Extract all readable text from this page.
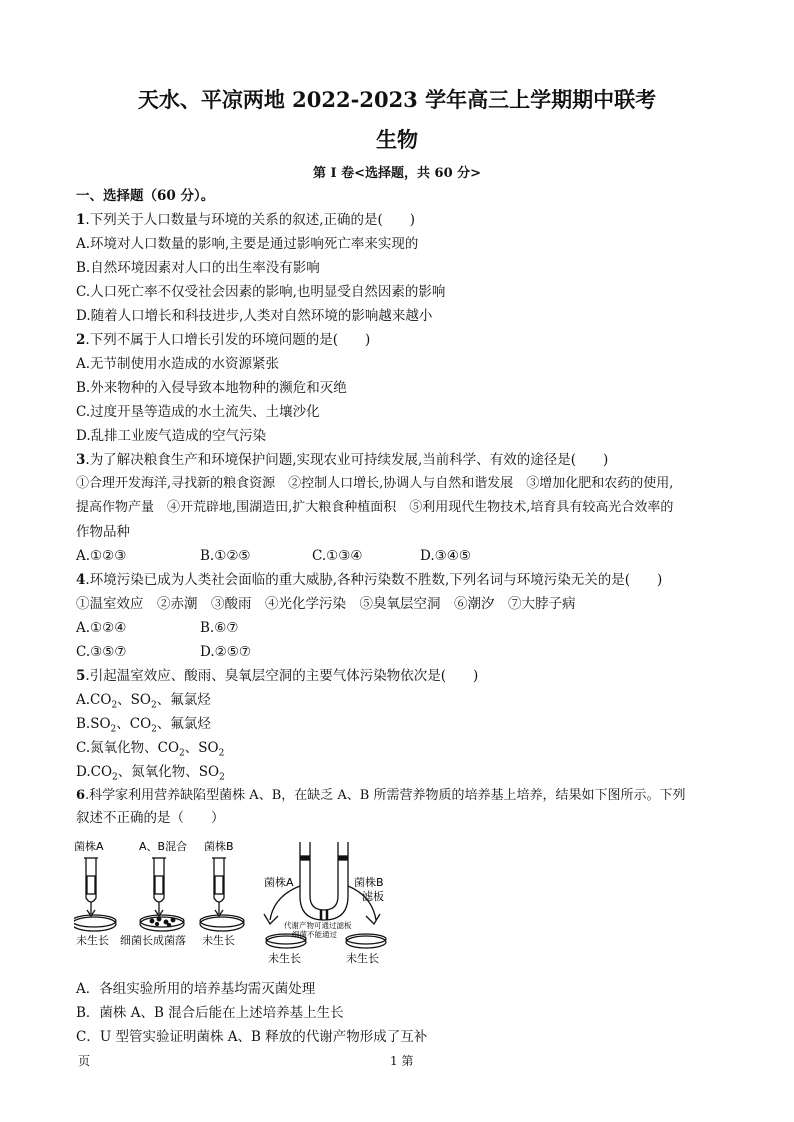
天水、平凉两地 2022-2023 学年高三上学期期中联考
生物
第 I 卷<选择题，共 60 分>
一、选择题（60 分）。
1.下列关于人口数量与环境的关系的叙述,正确的是(　　)
A.环境对人口数量的影响,主要是通过影响死亡率来实现的
B.自然环境因素对人口的出生率没有影响
C.人口死亡率不仅受社会因素的影响,也明显受自然因素的影响
D.随着人口增长和科技进步,人类对自然环境的影响越来越小
2.下列不属于人口增长引发的环境问题的是(　　)
A.无节制使用水造成的水资源紧张
B.外来物种的入侵导致本地物种的濒危和灭绝
C.过度开垦等造成的水土流失、土壤沙化
D.乱排工业废气造成的空气污染
3.为了解决粮食生产和环境保护问题,实现农业可持续发展,当前科学、有效的途径是(　　)
①合理开发海洋,寻找新的粮食资源　②控制人口增长,协调人与自然和谐发展　③增加化肥和农药的使用,
提高作物产量　④开荒辟地,围湖造田,扩大粮食种植面积　⑤利用现代生物技术,培育具有较高光合效率的
作物品种
A.①②③	B.①②⑤	C.①③④	D.③④⑤
4.环境污染已成为人类社会面临的重大威胁,各种污染数不胜数,下列名词与环境污染无关的是(　　)
①温室效应　②赤潮　③酸雨　④光化学污染　⑤臭氧层空洞　⑥潮汐　⑦大脖子病
A.①②④	B.⑥⑦
C.③⑤⑦	D.②⑤⑦
5.引起温室效应、酸雨、臭氧层空洞的主要气体污染物依次是(　　)
$A.CO_2$、$SO_2$、氟氯烃
$B.SO_2$、$CO_2$、氟氯烃
C.氮氧化物、$CO_2$、$SO_2$
$D.CO_2$、氮氧化物、$SO_2$
6.科学家利用营养缺陷型菌株 A、B，在缺乏 A、B 所需营养物质的培养基上培养，结果如下图所示。下列
叙述不正确的是（　　）
菌株A
未生长
A、B混合
细菌长成菌落
菌株B
未生长
菌株A	菌株B
滤板
代谢产物可通过滤板
细菌不能通过
未生长	未生长
A．各组实验所用的培养基均需灭菌处理
B．菌株 A、B 混合后能在上述培养基上生长
C．U 型管实验证明菌株 A、B 释放的代谢产物形成了互补
页	1 第
